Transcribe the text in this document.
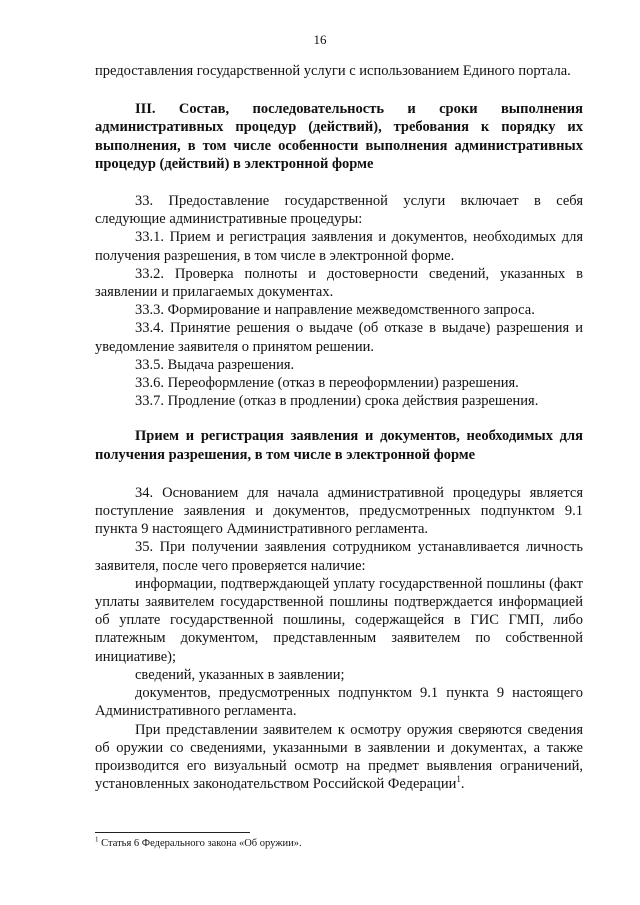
16

предоставления государственной услуги с использованием Единого портала.

III. Состав, последовательность и сроки выполнения административных процедур (действий), требования к порядку их выполнения, в том числе особенности выполнения административных процедур (действий) в электронной форме

33. Предоставление государственной услуги включает в себя следующие административные процедуры:

33.1. Прием и регистрация заявления и документов, необходимых для получения разрешения, в том числе в электронной форме.

33.2. Проверка полноты и достоверности сведений, указанных в заявлении и прилагаемых документах.

33.3. Формирование и направление межведомственного запроса.

33.4. Принятие решения о выдаче (об отказе в выдаче) разрешения и уведомление заявителя о принятом решении.

33.5. Выдача разрешения.

33.6. Переоформление (отказ в переоформлении) разрешения.

33.7. Продление (отказ в продлении) срока действия разрешения.

Прием и регистрация заявления и документов, необходимых для получения разрешения, в том числе в электронной форме

34. Основанием для начала административной процедуры является поступление заявления и документов, предусмотренных подпунктом 9.1 пункта 9 настоящего Административного регламента.

35. При получении заявления сотрудником устанавливается личность заявителя, после чего проверяется наличие:

информации, подтверждающей уплату государственной пошлины (факт уплаты заявителем государственной пошлины подтверждается информацией об уплате государственной пошлины, содержащейся в ГИС ГМП, либо платежным документом, представленным заявителем по собственной инициативе);

сведений, указанных в заявлении;

документов, предусмотренных подпунктом 9.1 пункта 9 настоящего Административного регламента.

При представлении заявителем к осмотру оружия сверяются сведения об оружии со сведениями, указанными в заявлении и документах, а также производится его визуальный осмотр на предмет выявления ограничений, установленных законодательством Российской Федерации$^1$.

$^1$ Статья 6 Федерального закона «Об оружии».
